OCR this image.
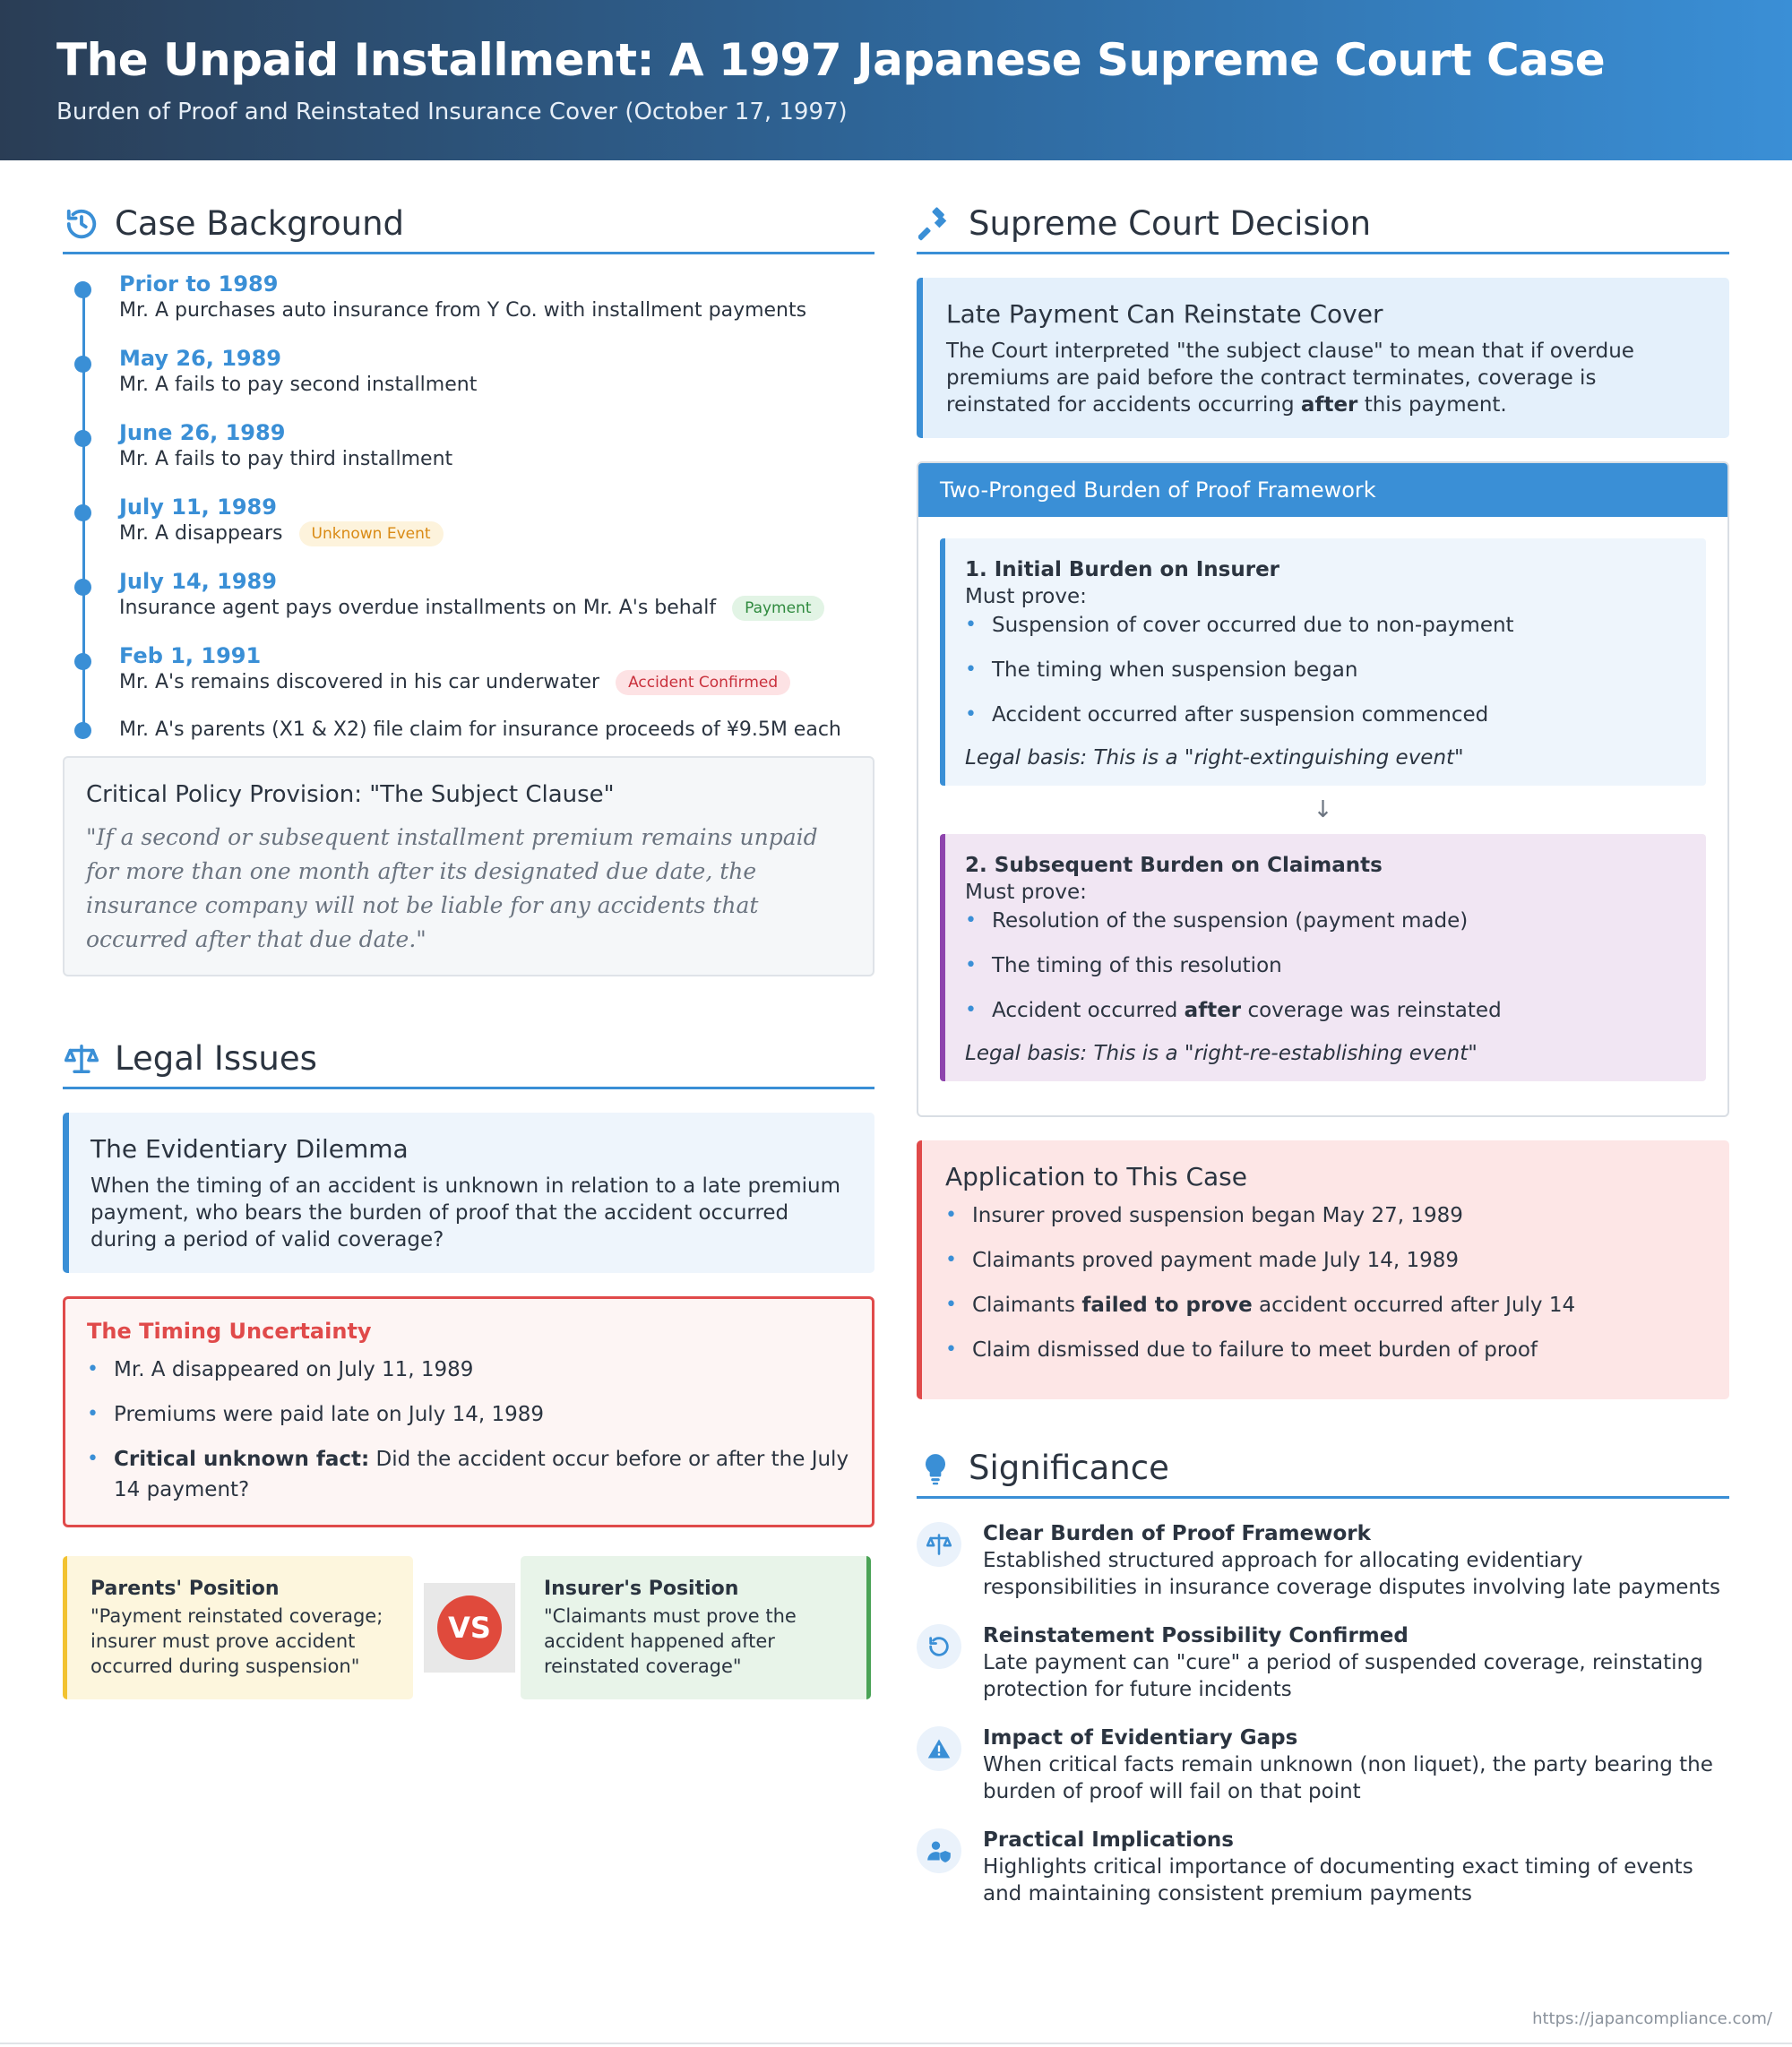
The Unpaid Installment: A 1997 Japanese Supreme Court Case
Burden of Proof and Reinstated Insurance Cover (October 17, 1997)
Case Background
Prior to 1989
Mr. A purchases auto insurance from Y Co. with installment payments
May 26, 1989
Mr. A fails to pay second installment
June 26, 1989
Mr. A fails to pay third installment
July 11, 1989
Mr. A disappears	Unknown Event
July 14, 1989
Insurance agent pays overdue installments on Mr. A's behalf	Payment
Feb 1, 1991
Mr. A's remains discovered in his car underwater	Accident Confirmed
Mr. A's parents (X1 & X2) file claim for insurance proceeds of ¥9.5M each
Critical Policy Provision: "The Subject Clause"

"If a second or subsequent installment premium remains unpaid for more than one month after its designated due date, the insurance company will not be liable for any accidents that occurred after that due date."

Legal Issues
The Evidentiary Dilemma

When the timing of an accident is unknown in relation to a late premium payment, who bears the burden of proof that the accident occurred during a period of valid coverage?

The Timing Uncertainty
• Mr. A disappeared on July 11, 1989
• Premiums were paid late on July 14, 1989
• Critical unknown fact: Did the accident occur before or after the July 14 payment?
Parents' Position

"Payment reinstated coverage; insurer must prove accident occurred during suspension"

VS
Insurer's Position

"Claimants must prove the accident happened after reinstated coverage"

Supreme Court Decision
Late Payment Can Reinstate Cover

The Court interpreted "the subject clause" to mean that if overdue premiums are paid before the contract terminates, coverage is reinstated for accidents occurring after this payment.

Two-Pronged Burden of Proof Framework
1. Initial Burden on Insurer
Must prove:
• Suspension of cover occurred due to non-payment
• The timing when suspension began
• Accident occurred after suspension commenced
Legal basis: This is a "right-extinguishing event"
↓
2. Subsequent Burden on Claimants
Must prove:
• Resolution of the suspension (payment made)
• The timing of this resolution
• Accident occurred after coverage was reinstated
Legal basis: This is a "right-re-establishing event"
Application to This Case
• Insurer proved suspension began May 27, 1989
• Claimants proved payment made July 14, 1989
• Claimants failed to prove accident occurred after July 14
• Claim dismissed due to failure to meet burden of proof
Significance
Clear Burden of Proof Framework

Established structured approach for allocating evidentiary responsibilities in insurance coverage disputes involving late payments

Reinstatement Possibility Confirmed

Late payment can "cure" a period of suspended coverage, reinstating protection for future incidents

Impact of Evidentiary Gaps

When critical facts remain unknown (non liquet), the party bearing the burden of proof will fail on that point

Practical Implications

Highlights critical importance of documenting exact timing of events and maintaining consistent premium payments

https://japancompliance.com/
